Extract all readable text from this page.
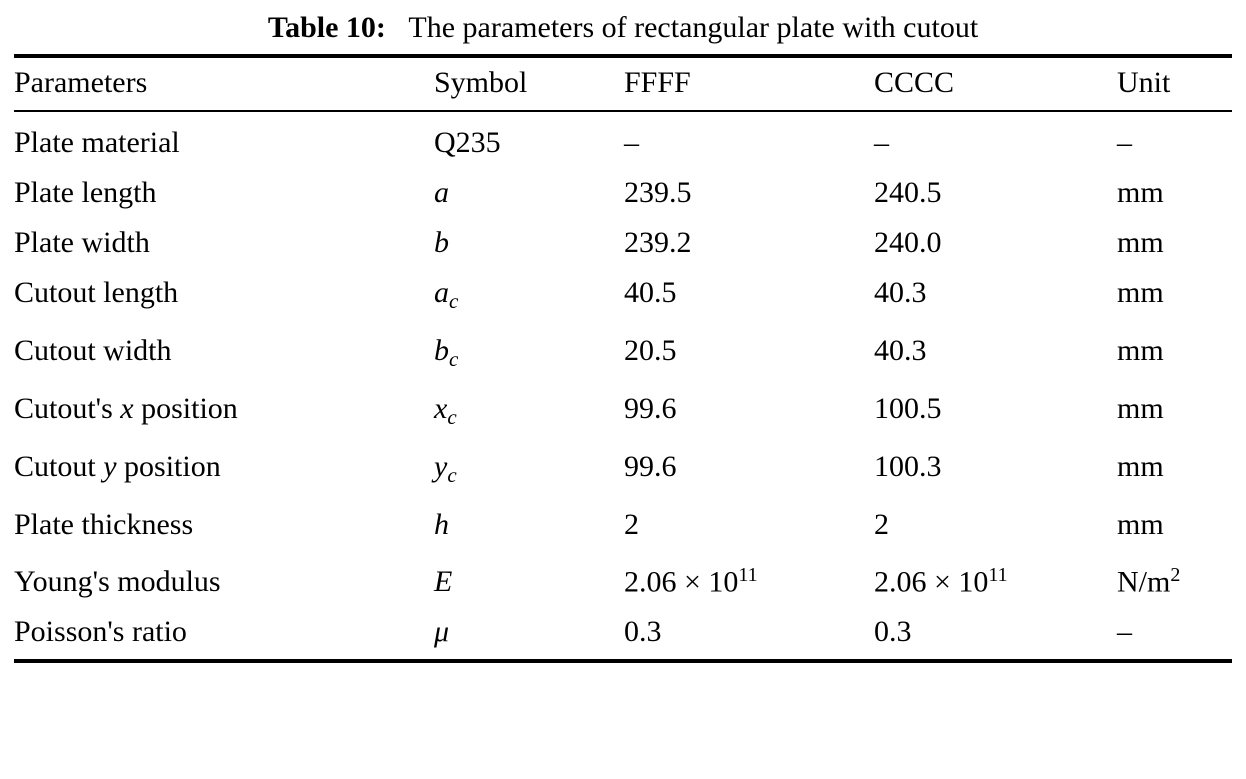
Table 10: The parameters of rectangular plate with cutout
Parameters	Symbol	FFFF	CCCC	Unit
Plate material	Q235	–	–	–
Plate length	a	239.5	240.5	mm
Plate width	b	239.2	240.0	mm
Cutout length	$a_c$	40.5	40.3	mm
Cutout width	$b_c$	20.5	40.3	mm
Cutout's x position	$x_c$	99.6	100.5	mm
Cutout y position	$y_c$	99.6	100.3	mm
Plate thickness	h	2	2	mm
Young's modulus	E	$2.06 \times 10^{11}$	$2.06 \times 10^{11}$	$N/m^2$
Poisson's ratio	μ	0.3	0.3	–
